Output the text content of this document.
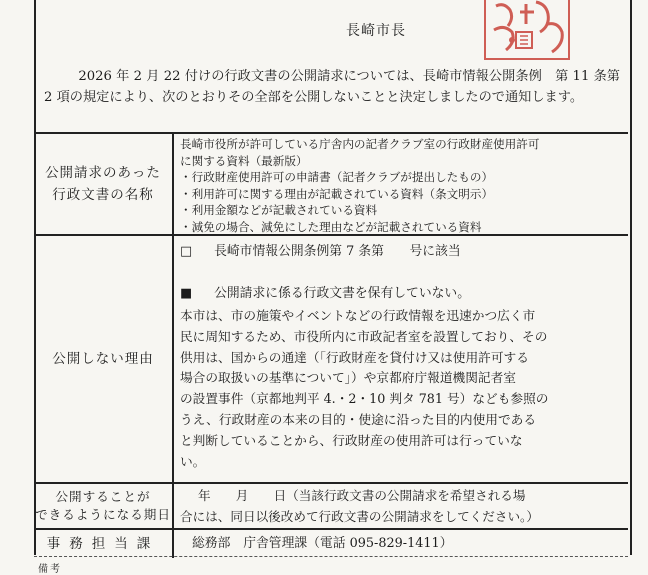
長崎市長
2026 年 2 月 22 付けの行政文書の公開請求については、長崎市情報公開条例　第 11 条第 2 項の規定により、次のとおりその全部を公開しないことと決定しましたので通知します。
公開請求のあった行政文書の名称
長崎市役所が許可している庁舎内の記者クラブ室の行政財産使用許可
に関する資料（最新版）
・行政財産使用許可の申請書（記者クラブが提出したもの）
・利用許可に関する理由が記載されている資料（条文明示）
・利用金額などが記載されている資料
・減免の場合、減免にした理由などが記載されている資料
公開しない理由
□ 長崎市情報公開条例第 7 条第　　号に該当
■ 公開請求に係る行政文書を保有していない。
本市は、市の施策やイベントなどの行政情報を迅速かつ広く市
民に周知するため、市役所内に市政記者室を設置しており、その
供用は、国からの通達（「行政財産を貸付け又は使用許可する
場合の取扱いの基準について」）や京都府庁報道機関記者室
の設置事件（京都地判平 4.・2・10 判タ 781 号）なども参照の
うえ、行政財産の本来の目的・使途に沿った目的内使用である
と判断していることから、行政財産の使用許可は行っていな
い。
公開することが
できるようになる期日
年　　月　　日（当該行政文書の公開請求を希望される場
合には、同日以後改めて行政文書の公開請求をしてください。）
事務担当課	総務部　庁舎管理課（電話 095-829-1411）
備考
